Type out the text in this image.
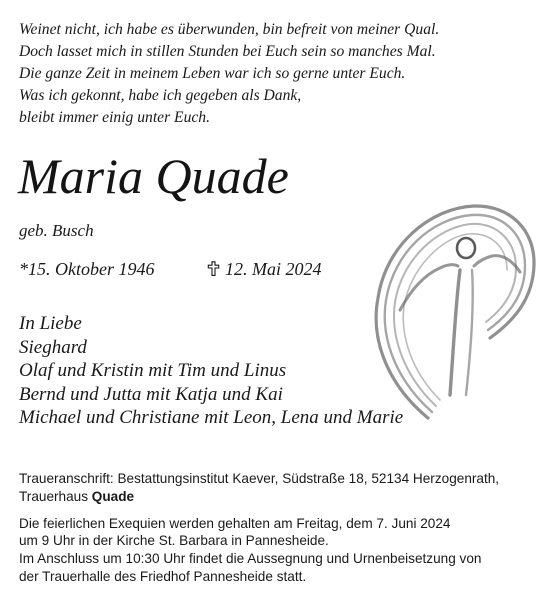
Weinet nicht, ich habe es überwunden, bin befreit von meiner Qual.
Doch lasset mich in stillen Stunden bei Euch sein so manches Mal.
Die ganze Zeit in meinem Leben war ich so gerne unter Euch.
Was ich gekonnt, habe ich gegeben als Dank,
bleibt immer einig unter Euch.
Maria Quade
geb. Busch
*15. Oktober 1946	12. Mai 2024
In Liebe
Sieghard
Olaf und Kristin mit Tim und Linus
Bernd und Jutta mit Katja und Kai
Michael und Christiane mit Leon, Lena und Marie
Traueranschrift: Bestattungsinstitut Kaever, Südstraße 18, 52134 Herzogenrath,
Trauerhaus Quade
Die feierlichen Exequien werden gehalten am Freitag, dem 7. Juni 2024
um 9 Uhr in der Kirche St. Barbara in Pannesheide.
Im Anschluss um 10:30 Uhr findet die Aussegnung und Urnenbeisetzung von
der Trauerhalle des Friedhof Pannesheide statt.
